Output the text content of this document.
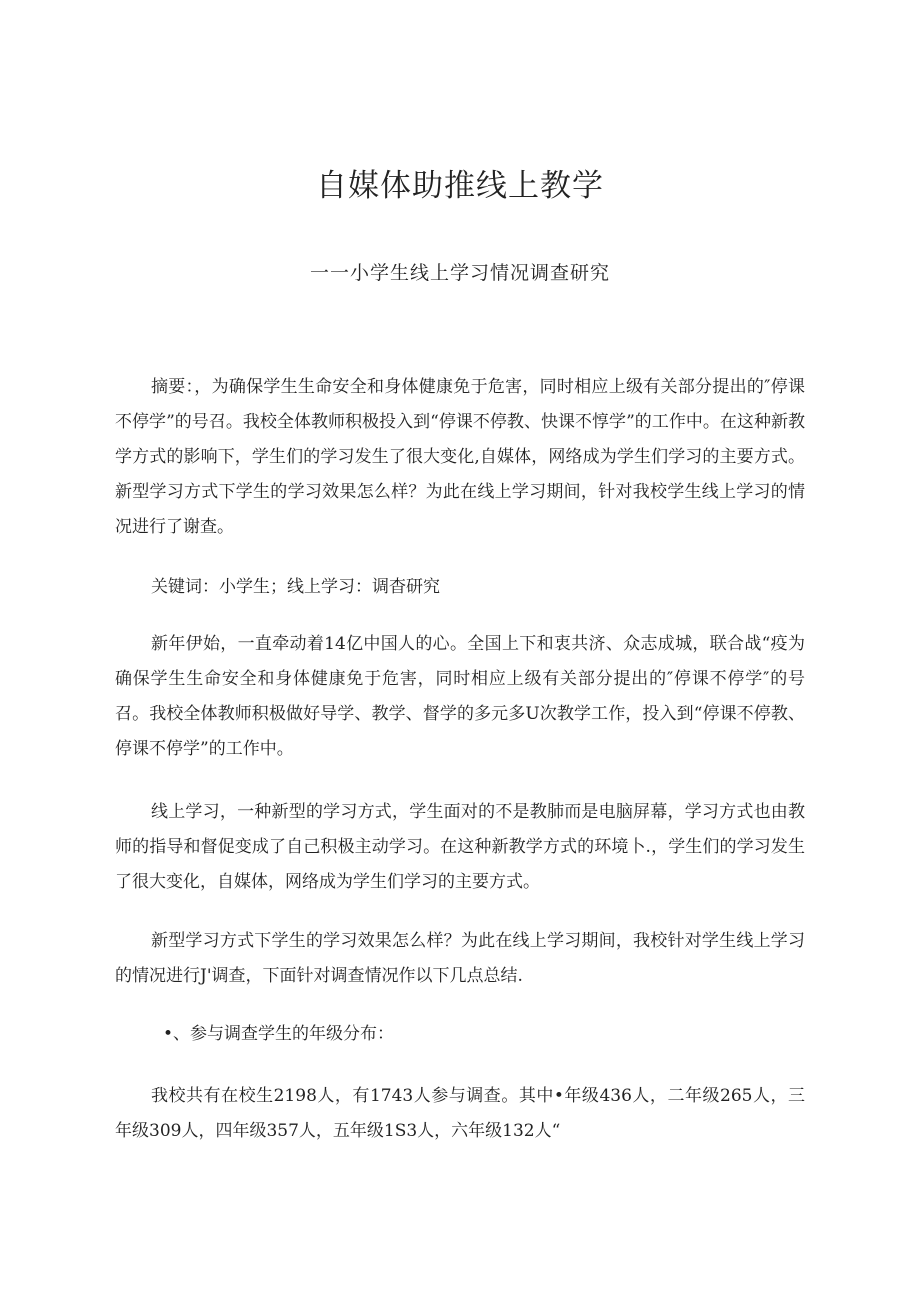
自媒体助推线上教学
一一小学生线上学习情况调查研究

摘要：，为确保学生生命安全和身体健康免于危害，同时相应上级有关部分提出的″停课不停学”的号召。我校全体教师积极投入到“停课不停教、快课不惇学”的工作中。在这种新教学方式的影响下，学生们的学习发生了很大变化,自媒体，网络成为学生们学习的主要方式。新型学习方式下学生的学习效果怎么样？为此在线上学习期间，针对我校学生线上学习的情况进行了谢查。

关键词：小学生；线上学习：调杳研究

新年伊始，一直牵动着14亿中国人的心。全国上下和衷共济、众志成城，联合战“疫为确保学生生命安全和身体健康免于危害，同时相应上级有关部分提出的″停课不停学″的号召。我校全体教师积极做好导学、教学、督学的多元多U次教学工作，投入到“停课不停教、停课不停学”的工作中。

线上学习，一种新型的学习方式，学生面对的不是教肺而是电脑屏幕，学习方式也由教师的指导和督促变成了自己积极主动学习。在这种新教学方式的环境卜.，学生们的学习发生了很大变化，自媒体，网络成为学生们学习的主要方式。

新型学习方式下学生的学习效果怎么样？为此在线上学习期间，我校针对学生线上学习的情况进行J'调查，下面针对调查情况作以下几点总结.

•、参与调查学生的年级分布：

我校共有在校生2198人，有1743人参与调查。其中•年级436人，二年级265人，三年级309人，四年级357人，五年级1S3人，六年级132人“
